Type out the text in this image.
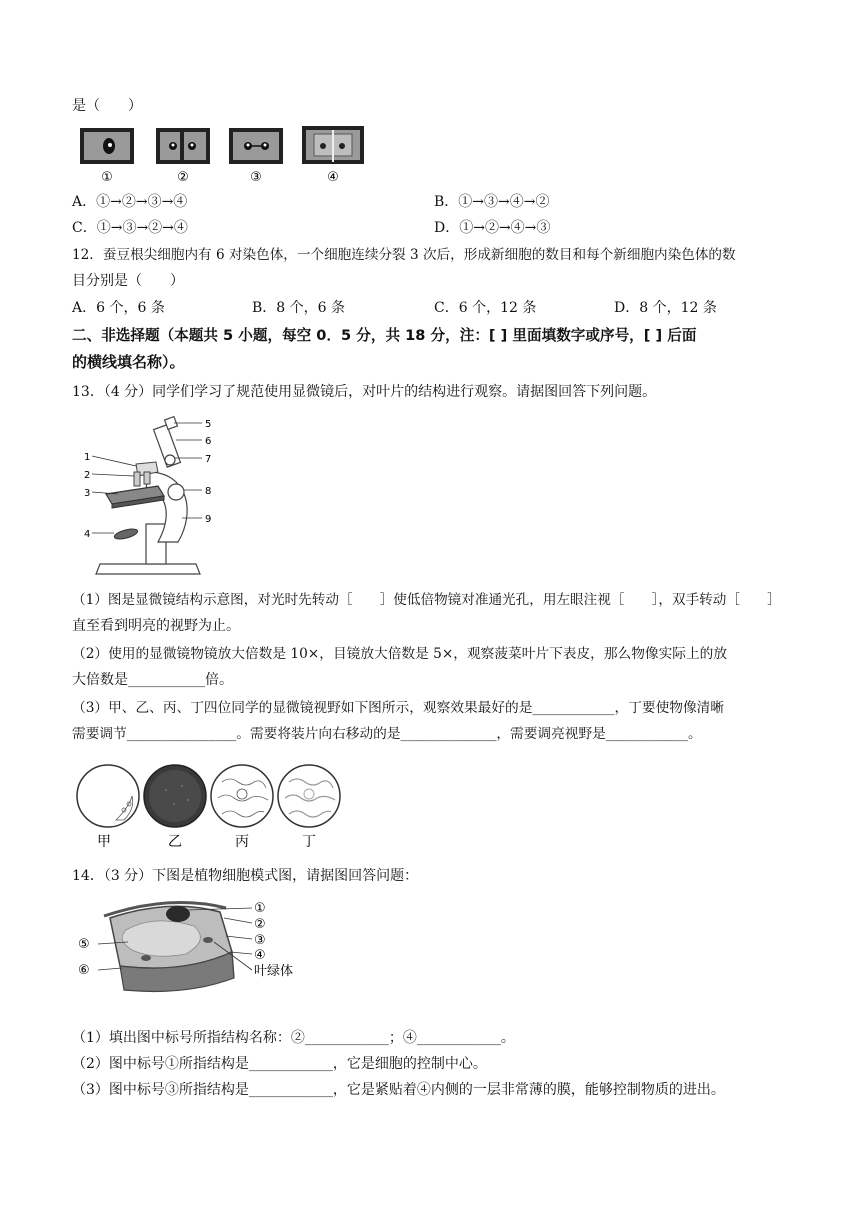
是（　　）
①	②	③	④
A．①→②→③→④	B．①→③→④→②
C．①→③→②→④	D．①→②→④→③
12．蚕豆根尖细胞内有 6 对染色体，一个细胞连续分裂 3 次后，形成新细胞的数目和每个新细胞内染色体的数
目分别是（　　）
A．6 个，6 条	B．8 个，6 条	C．6 个，12 条	D．8 个，12 条
二、非选择题（本题共 5 小题，每空 0．5 分，共 18 分，注：[ ] 里面填数字或序号，[ ] 后面
的横线填名称）。
13．（4 分）同学们学习了规范使用显微镜后，对叶片的结构进行观察。请据图回答下列问题。
1
2
3
4
5
6
7
8
9
（1）图是显微镜结构示意图，对光时先转动［　　］使低倍物镜对准通光孔，用左眼注视［　　］，双手转动［　　］
直至看到明亮的视野为止。
（2）使用的显微镜物镜放大倍数是 10×，目镜放大倍数是 5×，观察菠菜叶片下表皮，那么物像实际上的放
大倍数是___________倍。
（3）甲、乙、丙、丁四位同学的显微镜视野如下图所示，观察效果最好的是____________，丁要使物像清晰
需要调节________________。需要将装片向右移动的是______________，需要调亮视野是____________。
甲	乙	丙	丁
14．（3 分）下图是植物细胞模式图，请据图回答问题：
①
②
③
④
叶绿体
⑤
⑥
（1）填出图中标号所指结构名称：②____________；④____________。
（2）图中标号①所指结构是____________，它是细胞的控制中心。
（3）图中标号③所指结构是____________，它是紧贴着④内侧的一层非常薄的膜，能够控制物质的进出。
